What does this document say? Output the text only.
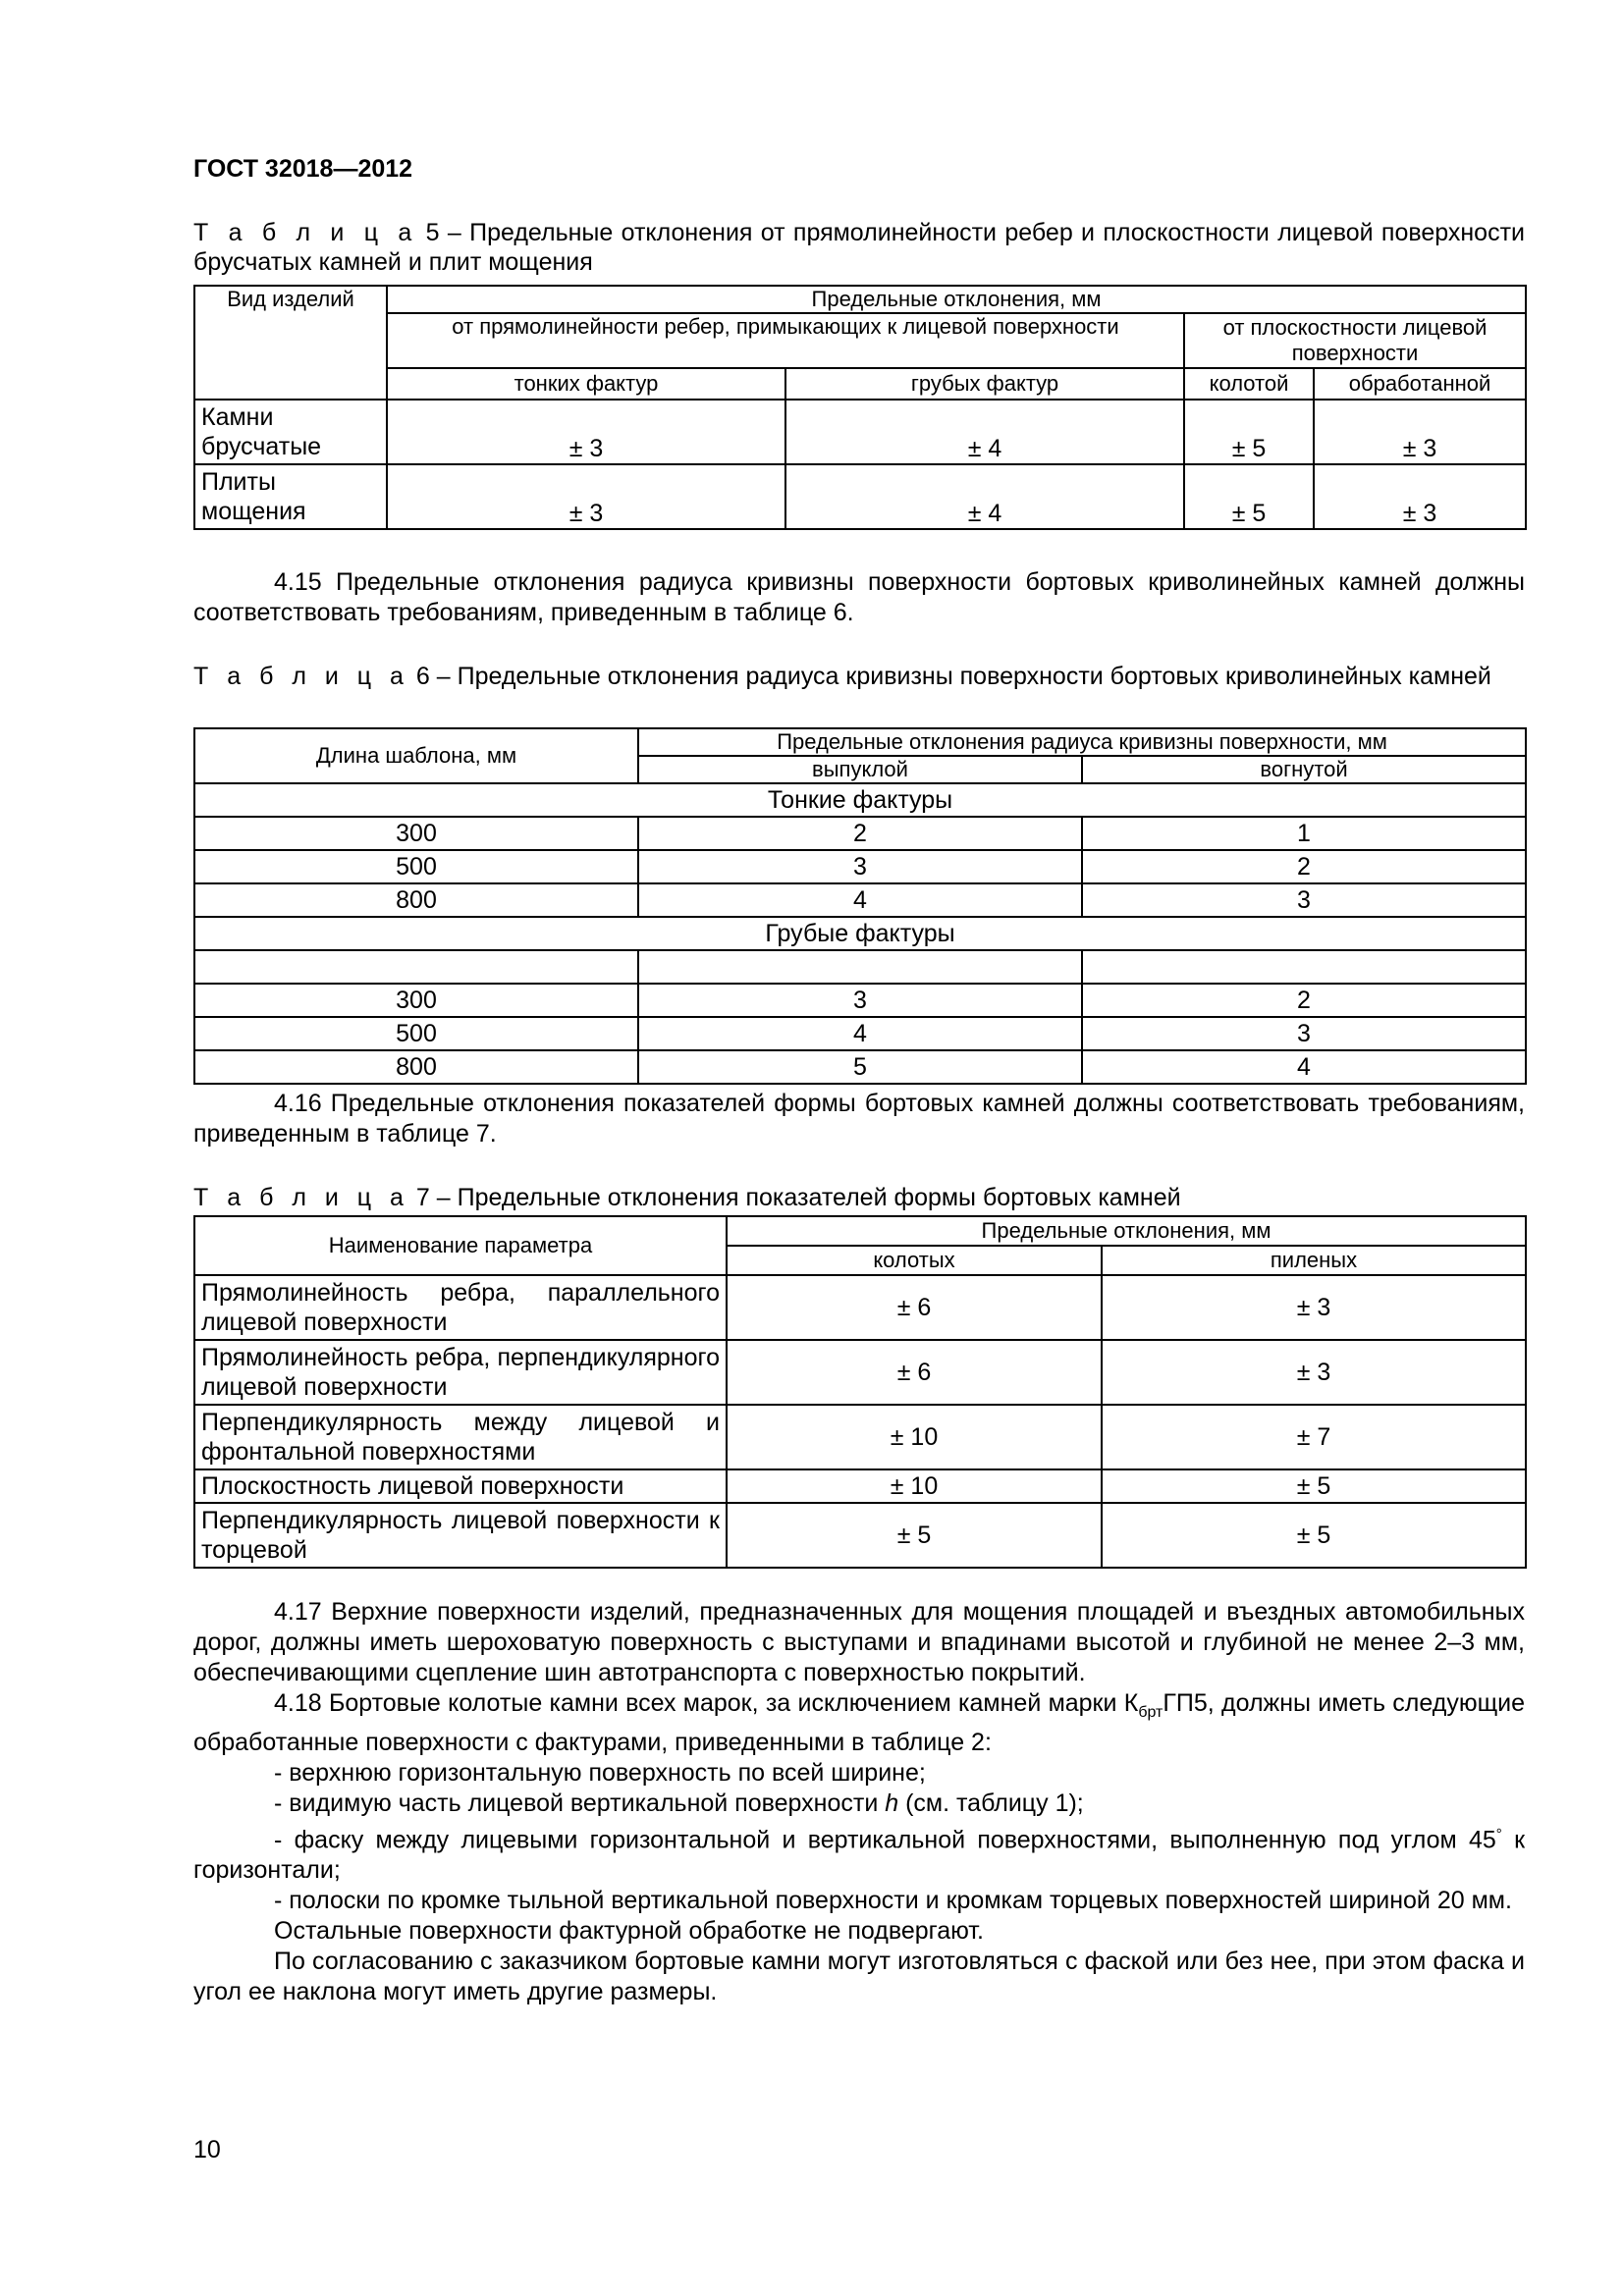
ГОСТ 32018—2012
Т а б л и ц а 5 – Предельные отклонения от прямолинейности ребер и плоскостности лицевой поверхности брусчатых камней и плит мощения
Вид изделий	Предельные отклонения, мм			
	от прямолинейности ребер, примыкающих к лицевой поверхности		от плоскостности лицевой поверхности	
	тонких фактур	грубых фактур	колотой	обработанной
Камни брусчатые	± 3	± 4	± 5	± 3
Плиты мощения	± 3	± 4	± 5	± 3

4.15 Предельные отклонения радиуса кривизны поверхности бортовых криволинейных камней должны соответствовать требованиям, приведенным в таблице 6.

Т а б л и ц а 6 – Предельные отклонения радиуса кривизны поверхности бортовых криволинейных камней
Длина шаблона, мм	Предельные отклонения радиуса кривизны поверхности, мм	
	выпуклой	вогнутой
Тонкие фактуры		
300	2	1
500	3	2
800	4	3
Грубые фактуры		

300	3	2
500	4	3
800	5	4

4.16 Предельные отклонения показателей формы бортовых камней должны соответствовать требованиям, приведенным в таблице 7.

Т а б л и ц а 7 – Предельные отклонения показателей формы бортовых камней
Наименование параметра	Предельные отклонения, мм	
	колотых	пиленых
Прямолинейность ребра, параллельного лицевой поверхности	± 6	± 3
Прямолинейность ребра, перпендикулярного лицевой поверхности	± 6	± 3
Перпендикулярность между лицевой и фронтальной поверхностями	± 10	± 7
Плоскостность лицевой поверхности	± 10	± 5
Перпендикулярность лицевой поверхности к торцевой	± 5	± 5

4.17 Верхние поверхности изделий, предназначенных для мощения площадей и въездных автомобильных дорог, должны иметь шероховатую поверхность с выступами и впадинами высотой и глубиной не менее 2–3 мм, обеспечивающими сцепление шин автотранспорта с поверхностью покрытий.

4.18 Бортовые колотые камни всех марок, за исключением камней марки $К_{брт}ГП5$, должны иметь следующие обработанные поверхности с фактурами, приведенными в таблице 2:

- верхнюю горизонтальную поверхность по всей ширине;

- видимую часть лицевой вертикальной поверхности h (см. таблицу 1);

- фаску между лицевыми горизонтальной и вертикальной поверхностями, выполненную под углом 45° к горизонтали;

- полоски по кромке тыльной вертикальной поверхности и кромкам торцевых поверхностей шириной 20 мм.

Остальные поверхности фактурной обработке не подвергают.

По согласованию с заказчиком бортовые камни могут изготовляться с фаской или без нее, при этом фаска и угол ее наклона могут иметь другие размеры.

10
